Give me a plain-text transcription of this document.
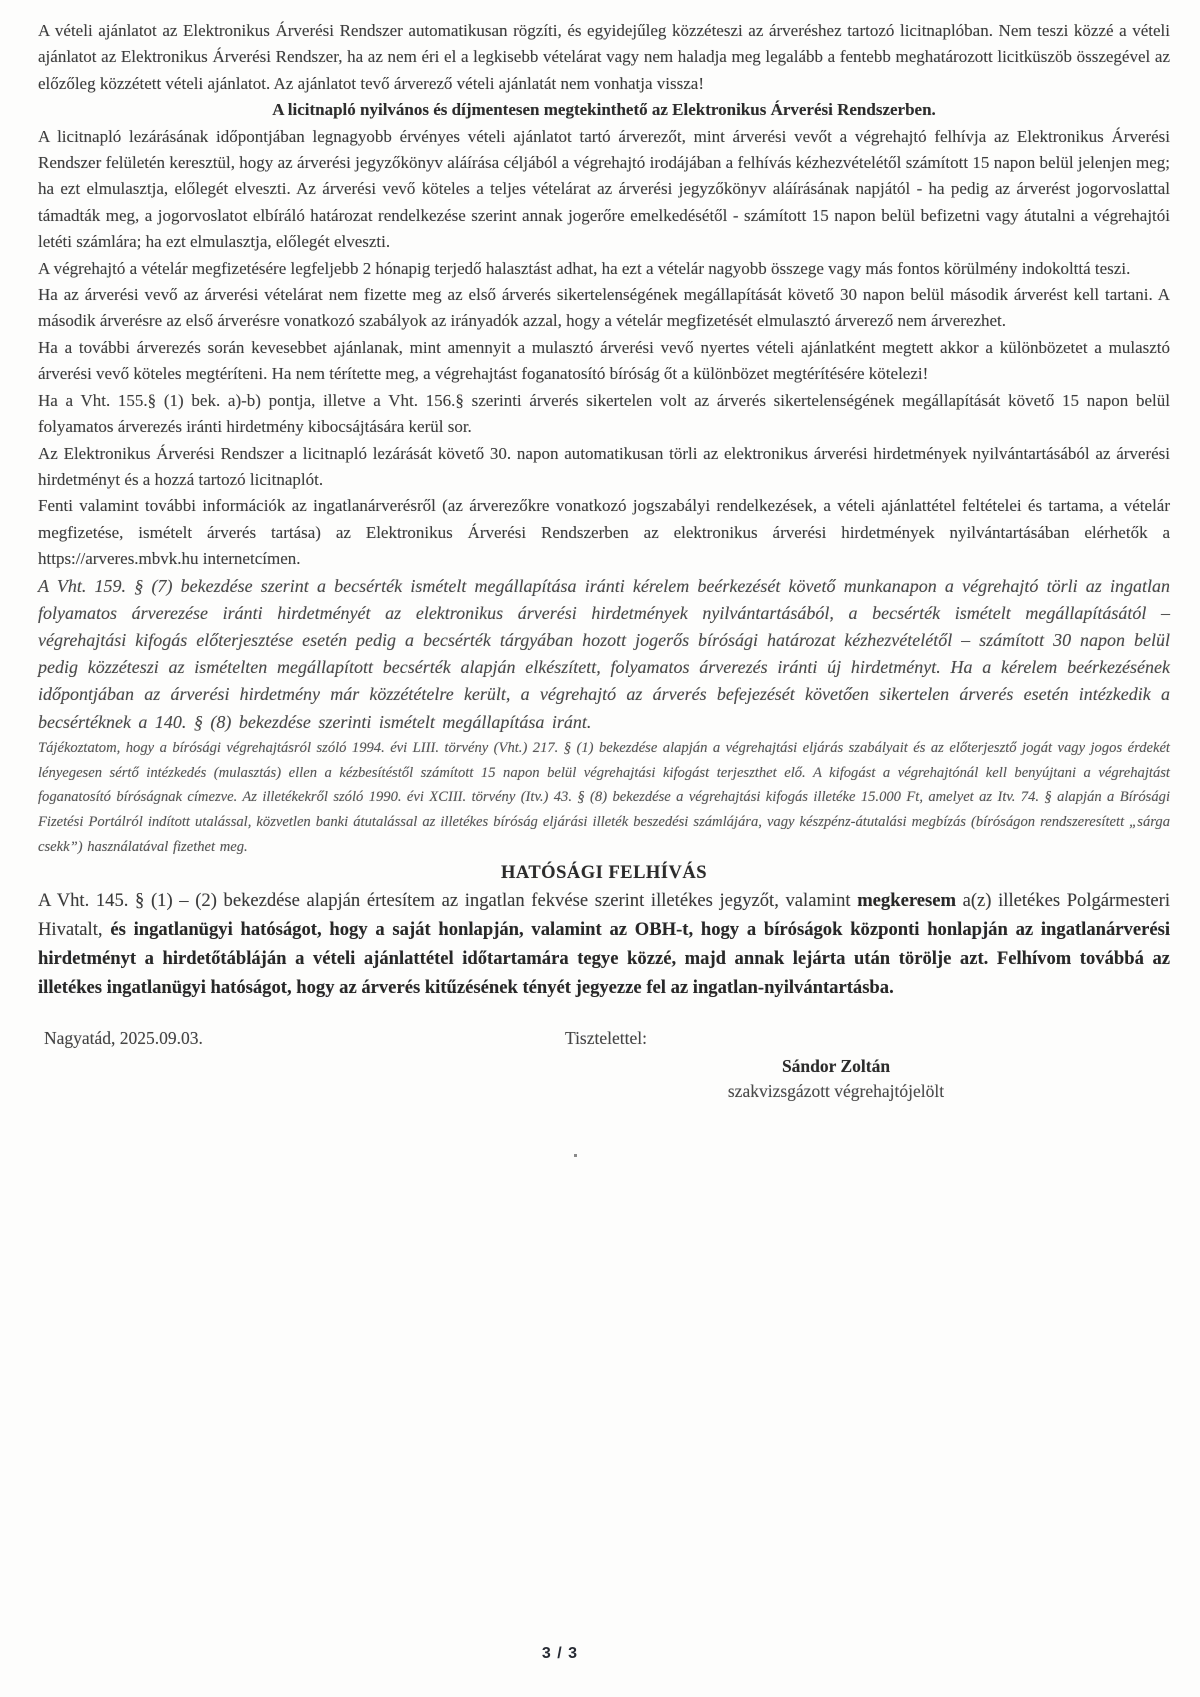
A vételi ajánlatot az Elektronikus Árverési Rendszer automatikusan rögzíti, és egyidejűleg közzéteszi az árveréshez tartozó licitnaplóban. Nem teszi közzé a vételi ajánlatot az Elektronikus Árverési Rendszer, ha az nem éri el a legkisebb vételárat vagy nem haladja meg legalább a fentebb meghatározott licitküszöb összegével az előzőleg közzétett vételi ajánlatot. Az ajánlatot tevő árverező vételi ajánlatát nem vonhatja vissza!

A licitnapló nyilvános és díjmentesen megtekinthető az Elektronikus Árverési Rendszerben.

A licitnapló lezárásának időpontjában legnagyobb érvényes vételi ajánlatot tartó árverezőt, mint árverési vevőt a végrehajtó felhívja az Elektronikus Árverési Rendszer felületén keresztül, hogy az árverési jegyzőkönyv aláírása céljából a végrehajtó irodájában a felhívás kézhezvételétől számított 15 napon belül jelenjen meg; ha ezt elmulasztja, előlegét elveszti. Az árverési vevő köteles a teljes vételárat az árverési jegyzőkönyv aláírásának napjától - ha pedig az árverést jogorvoslattal támadták meg, a jogorvoslatot elbíráló határozat rendelkezése szerint annak jogerőre emelkedésétől - számított 15 napon belül befizetni vagy átutalni a végrehajtói letéti számlára; ha ezt elmulasztja, előlegét elveszti.

A végrehajtó a vételár megfizetésére legfeljebb 2 hónapig terjedő halasztást adhat, ha ezt a vételár nagyobb összege vagy más fontos körülmény indokolttá teszi.

Ha az árverési vevő az árverési vételárat nem fizette meg az első árverés sikertelenségének megállapítását követő 30 napon belül második árverést kell tartani. A második árverésre az első árverésre vonatkozó szabályok az irányadók azzal, hogy a vételár megfizetését elmulasztó árverező nem árverezhet.

Ha a további árverezés során kevesebbet ajánlanak, mint amennyit a mulasztó árverési vevő nyertes vételi ajánlatként megtett akkor a különbözetet a mulasztó árverési vevő köteles megtéríteni. Ha nem térítette meg, a végrehajtást foganatosító bíróság őt a különbözet megtérítésére kötelezi!

Ha a Vht. 155.§ (1) bek. a)-b) pontja, illetve a Vht. 156.§ szerinti árverés sikertelen volt az árverés sikertelenségének megállapítását követő 15 napon belül folyamatos árverezés iránti hirdetmény kibocsájtására kerül sor.

Az Elektronikus Árverési Rendszer a licitnapló lezárását követő 30. napon automatikusan törli az elektronikus árverési hirdetmények nyilvántartásából az árverési hirdetményt és a hozzá tartozó licitnaplót.

Fenti valamint további információk az ingatlanárverésről (az árverezőkre vonatkozó jogszabályi rendelkezések, a vételi ajánlattétel feltételei és tartama, a vételár megfizetése, ismételt árverés tartása) az Elektronikus Árverési Rendszerben az elektronikus árverési hirdetmények nyilvántartásában elérhetők a https://arveres.mbvk.hu internetcímen.

A Vht. 159. § (7) bekezdése szerint a becsérték ismételt megállapítása iránti kérelem beérkezését követő munkanapon a végrehajtó törli az ingatlan folyamatos árverezése iránti hirdetményét az elektronikus árverési hirdetmények nyilvántartásából, a becsérték ismételt megállapításától – végrehajtási kifogás előterjesztése esetén pedig a becsérték tárgyában hozott jogerős bírósági határozat kézhezvételétől – számított 30 napon belül pedig közzéteszi az ismételten megállapított becsérték alapján elkészített, folyamatos árverezés iránti új hirdetményt. Ha a kérelem beérkezésének időpontjában az árverési hirdetmény már közzétételre került, a végrehajtó az árverés befejezését követően sikertelen árverés esetén intézkedik a becsértéknek a 140. § (8) bekezdése szerinti ismételt megállapítása iránt.

Tájékoztatom, hogy a bírósági végrehajtásról szóló 1994. évi LIII. törvény (Vht.) 217. § (1) bekezdése alapján a végrehajtási eljárás szabályait és az előterjesztő jogát vagy jogos érdekét lényegesen sértő intézkedés (mulasztás) ellen a kézbesítéstől számított 15 napon belül végrehajtási kifogást terjeszthet elő. A kifogást a végrehajtónál kell benyújtani a végrehajtást foganatosító bíróságnak címezve. Az illetékekről szóló 1990. évi XCIII. törvény (Itv.) 43. § (8) bekezdése a végrehajtási kifogás illetéke 15.000 Ft, amelyet az Itv. 74. § alapján a Bírósági Fizetési Portálról indított utalással, közvetlen banki átutalással az illetékes bíróság eljárási illeték beszedési számlájára, vagy készpénz-átutalási megbízás (bíróságon rendszeresített „sárga csekk”) használatával fizethet meg.

HATÓSÁGI FELHÍVÁS

A Vht. 145. § (1) – (2) bekezdése alapján értesítem az ingatlan fekvése szerint illetékes jegyzőt, valamint megkeresem a(z) illetékes Polgármesteri Hivatalt, és ingatlanügyi hatóságot, hogy a saját honlapján, valamint az OBH-t, hogy a bíróságok központi honlapján az ingatlanárverési hirdetményt a hirdetőtábláján a vételi ajánlattétel időtartamára tegye közzé, majd annak lejárta után törölje azt. Felhívom továbbá az illetékes ingatlanügyi hatóságot, hogy az árverés kitűzésének tényét jegyezze fel az ingatlan-nyilvántartásba.

Nagyatád, 2025.09.03.	Tisztelettel:
Sándor Zoltán
szakvizsgázott végrehajtójelölt
3 / 3
